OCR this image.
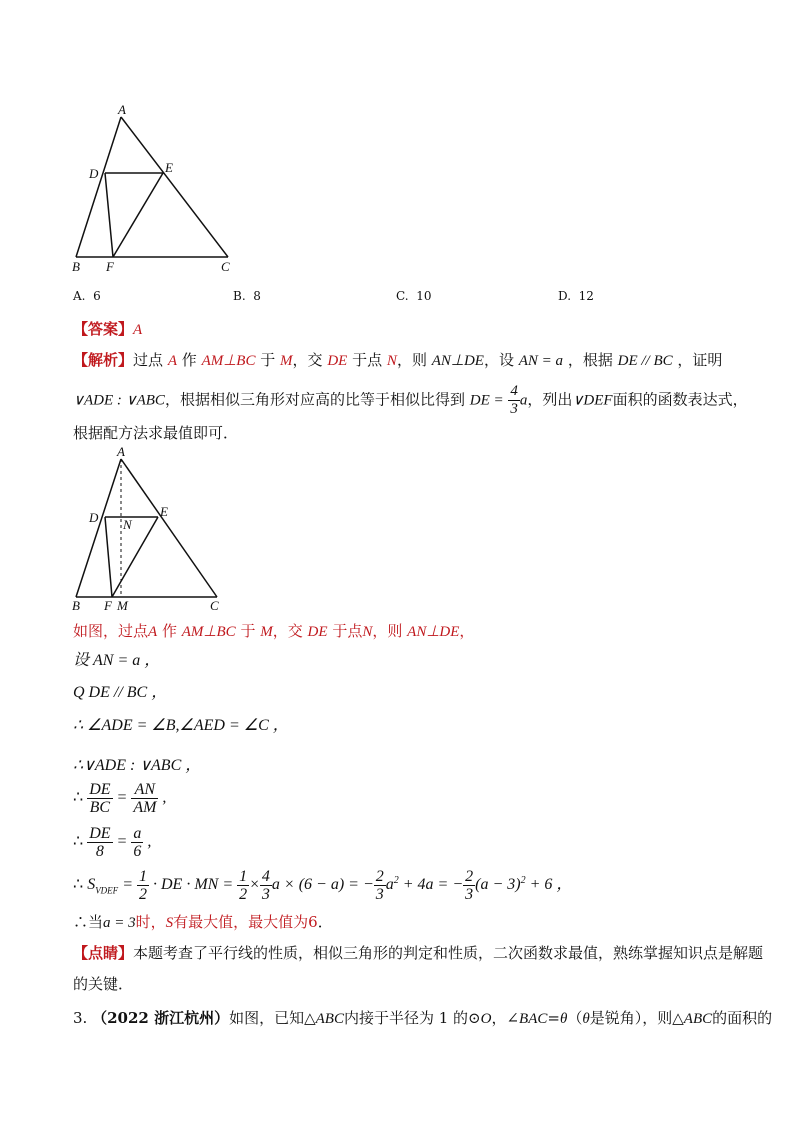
A
D	E
B F	C
A. 6	B. 8	C. 10	D. 12
【答案】A
【解析】过点 A 作 AM⊥BC 于 M，交 DE 于点 N，则 AN⊥DE，设 AN = a ，根据 DE // BC ，证明
∨ADE : ∨ABC，根据相似三角形对应高的比等于相似比得到 DE = $\frac{4}{3}$ a，列出∨DEF面积的函数表达式，
根据配方法求最值即可．
A
D	E
N
B F M	C
如图，过点A 作 AM⊥BC 于 M，交 DE 于点N，则 AN⊥DE，
设 AN = a ，
Q DE // BC ，
∴ ∠ADE = ∠B,∠AED = ∠C ，
∴∨ADE : ∨ABC ，
∴ $\frac{DE}{BC} = \frac{AN}{AM}$ ,
∴ $\frac{DE}{8} = \frac{a}{6}$ ,
∴ $S_{VDEF} = \frac{1}{2}$ · DE · MN = $\frac{1}{2} \times \frac{4}{3}$ a × (6 − a) = − $\frac{2}{3} a^2 + 4a$ = − $\frac{2}{3} (a - 3)^2 + 6$ ，
∴当a = 3时，S有最大值，最大值为6．
【点睛】本题考查了平行线的性质，相似三角形的判定和性质，二次函数求最值，熟练掌握知识点是解题
的关键．
3. （2022 浙江杭州）如图，已知△ABC内接于半径为 1 的⊙O，∠BAC=θ（θ是锐角），则△ABC的面积的
